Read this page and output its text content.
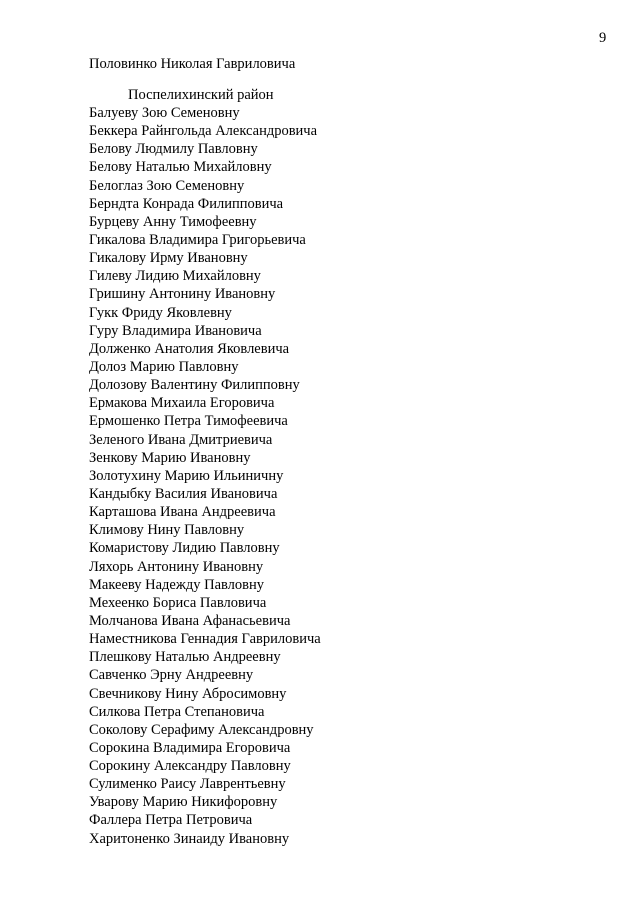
9
Половинко Николая Гавриловича
Поспелихинский район
Балуеву Зою Семеновну
Беккера Райнгольда Александровича
Белову Людмилу Павловну
Белову Наталью Михайловну
Белоглаз Зою Семеновну
Берндта Конрада Филипповича
Бурцеву Анну Тимофеевну
Гикалова Владимира Григорьевича
Гикалову Ирму Ивановну
Гилеву Лидию Михайловну
Гришину Антонину Ивановну
Гукк Фриду Яковлевну
Гуру Владимира Ивановича
Долженко Анатолия Яковлевича
Долоз Марию Павловну
Долозову Валентину Филипповну
Ермакова Михаила Егоровича
Ермошенко Петра Тимофеевича
Зеленого Ивана Дмитриевича
Зенкову Марию Ивановну
Золотухину Марию Ильиничну
Кандыбку Василия Ивановича
Карташова Ивана Андреевича
Климову Нину Павловну
Комаристову Лидию Павловну
Ляхорь Антонину Ивановну
Макееву Надежду Павловну
Мехеенко Бориса Павловича
Молчанова Ивана Афанасьевича
Наместникова Геннадия Гавриловича
Плешкову Наталью Андреевну
Савченко Эрну Андреевну
Свечникову Нину Абросимовну
Силкова Петра Степановича
Соколову Серафиму Александровну
Сорокина Владимира Егоровича
Сорокину Александру Павловну
Сулименко Раису Лаврентьевну
Уварову Марию Никифоровну
Фаллера Петра Петровича
Харитоненко Зинаиду Ивановну
